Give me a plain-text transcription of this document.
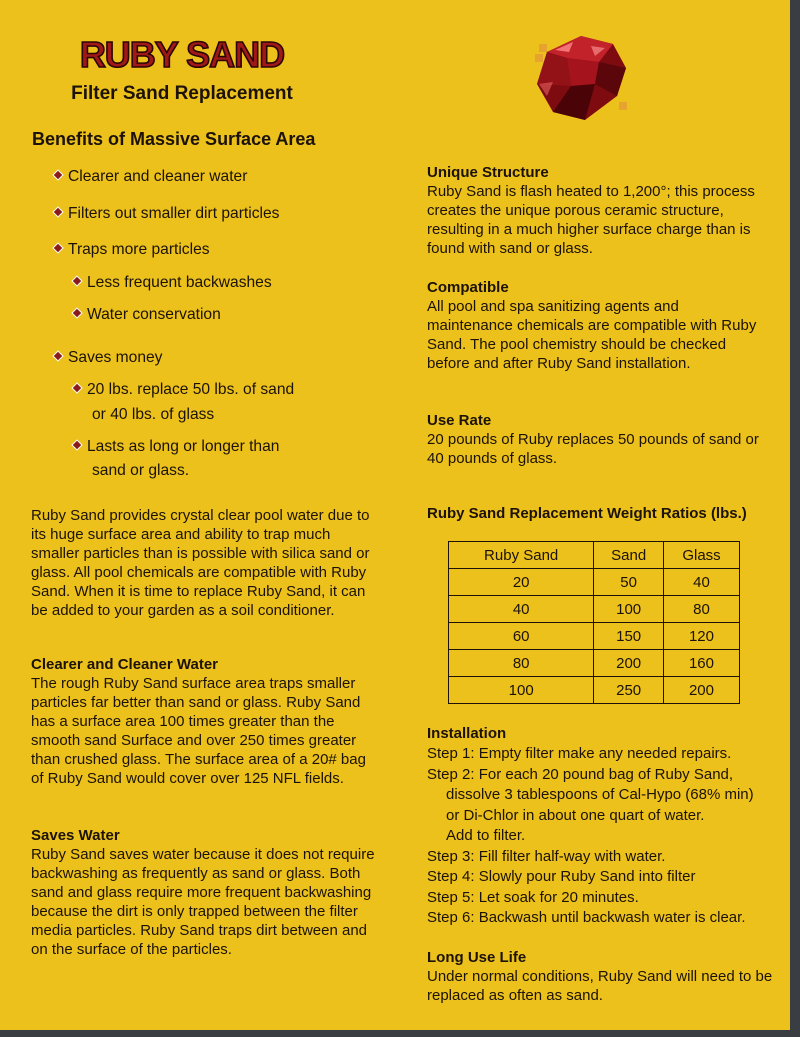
RUBY SAND
Filter Sand Replacement
Benefits of Massive Surface Area
Clearer and cleaner water
Filters out smaller dirt particles
Traps more particles
Less frequent backwashes
Water conservation
Saves money
20 lbs. replace 50 lbs. of sand
or 40 lbs. of glass
Lasts as long or longer than
sand or glass.
Ruby Sand provides crystal clear pool water due to its huge surface area and ability to trap much smaller particles than is possible with silica sand or glass. All pool chemicals are compatible with Ruby Sand. When it is time to replace Ruby Sand, it can be added to your garden as a soil conditioner.
Clearer and Cleaner Water
The rough Ruby Sand surface area traps smaller particles far better than sand or glass. Ruby Sand has a surface area 100 times greater than the smooth sand Surface and over 250 times greater than crushed glass. The surface area of a 20# bag of Ruby Sand would cover over 125 NFL fields.
Saves Water
Ruby Sand saves water because it does not require backwashing as frequently as sand or glass. Both sand and glass require more frequent backwashing because the dirt is only trapped between the filter media particles. Ruby Sand traps dirt between and on the surface of the particles.
Unique Structure
Ruby Sand is flash heated to 1,200°; this process creates the unique porous ceramic structure, resulting in a much higher surface charge than is found with sand or glass.
Compatible
All pool and spa sanitizing agents and maintenance chemicals are compatible with Ruby Sand. The pool chemistry should be checked before and after Ruby Sand installation.
Use Rate
20 pounds of Ruby replaces 50 pounds of sand or 40 pounds of glass.
Ruby Sand Replacement Weight Ratios (lbs.)
Ruby Sand	Sand	Glass
20	50	40
40	100	80
60	150	120
80	200	160
100	250	200
Installation
Step 1: Empty filter make any needed repairs.
Step 2: For each 20 pound bag of Ruby Sand,
dissolve 3 tablespoons of Cal-Hypo (68% min)
or Di-Chlor in about one quart of water.
Add to filter.
Step 3: Fill filter half-way with water.
Step 4: Slowly pour Ruby Sand into filter
Step 5: Let soak for 20 minutes.
Step 6: Backwash until backwash water is clear.
Long Use Life
Under normal conditions, Ruby Sand will need to be replaced as often as sand.
